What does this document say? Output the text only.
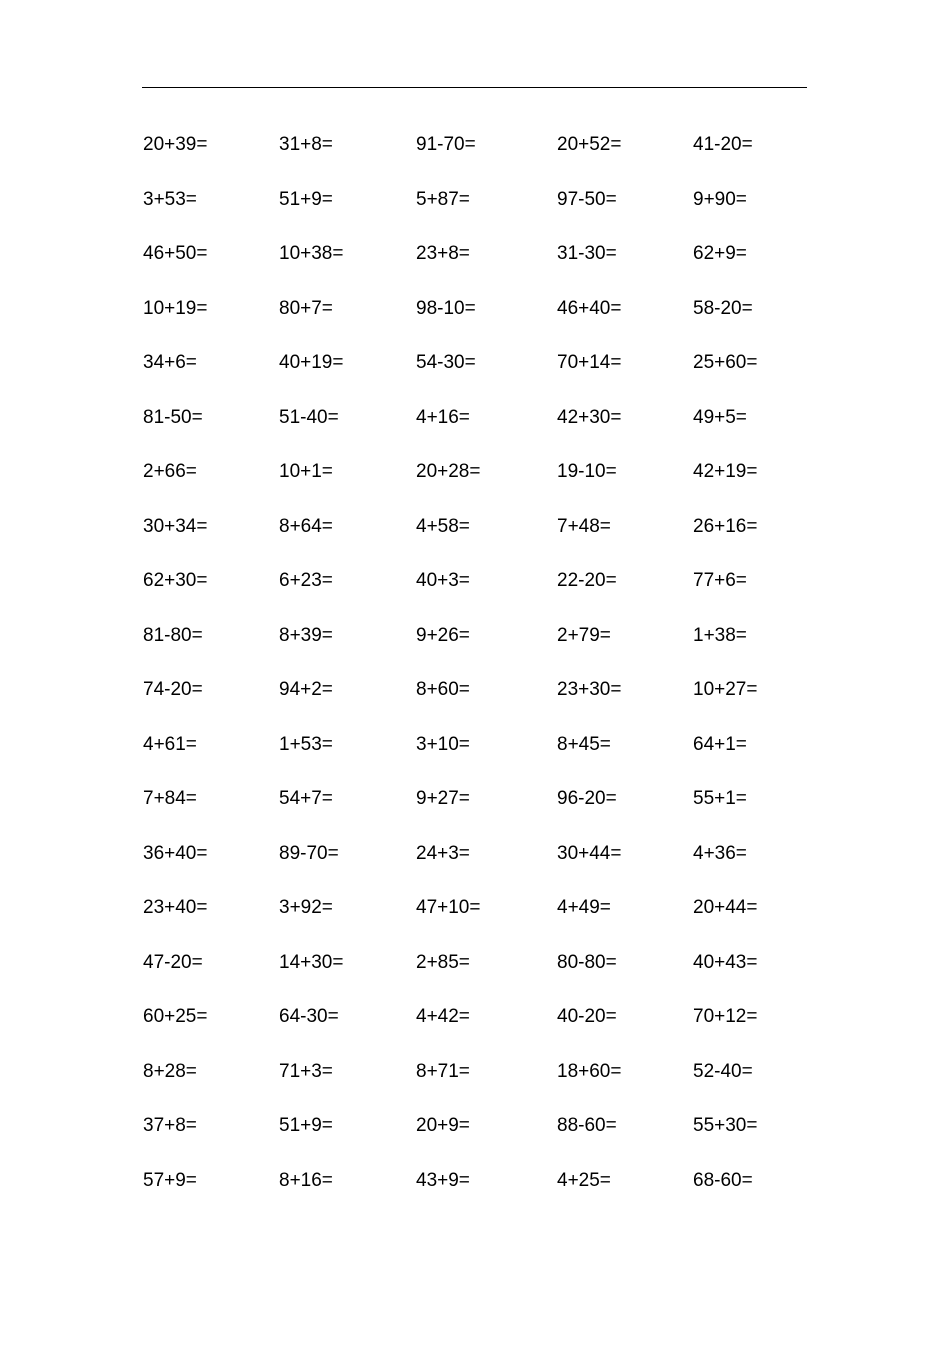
20+39=	31+8=	91-70=	20+52=	41-20=
3+53=	51+9=	5+87=	97-50=	9+90=
46+50=	10+38=	23+8=	31-30=	62+9=
10+19=	80+7=	98-10=	46+40=	58-20=
34+6=	40+19=	54-30=	70+14=	25+60=
81-50=	51-40=	4+16=	42+30=	49+5=
2+66=	10+1=	20+28=	19-10=	42+19=
30+34=	8+64=	4+58=	7+48=	26+16=
62+30=	6+23=	40+3=	22-20=	77+6=
81-80=	8+39=	9+26=	2+79=	1+38=
74-20=	94+2=	8+60=	23+30=	10+27=
4+61=	1+53=	3+10=	8+45=	64+1=
7+84=	54+7=	9+27=	96-20=	55+1=
36+40=	89-70=	24+3=	30+44=	4+36=
23+40=	3+92=	47+10=	4+49=	20+44=
47-20=	14+30=	2+85=	80-80=	40+43=
60+25=	64-30=	4+42=	40-20=	70+12=
8+28=	71+3=	8+71=	18+60=	52-40=
37+8=	51+9=	20+9=	88-60=	55+30=
57+9=	8+16=	43+9=	4+25=	68-60=
